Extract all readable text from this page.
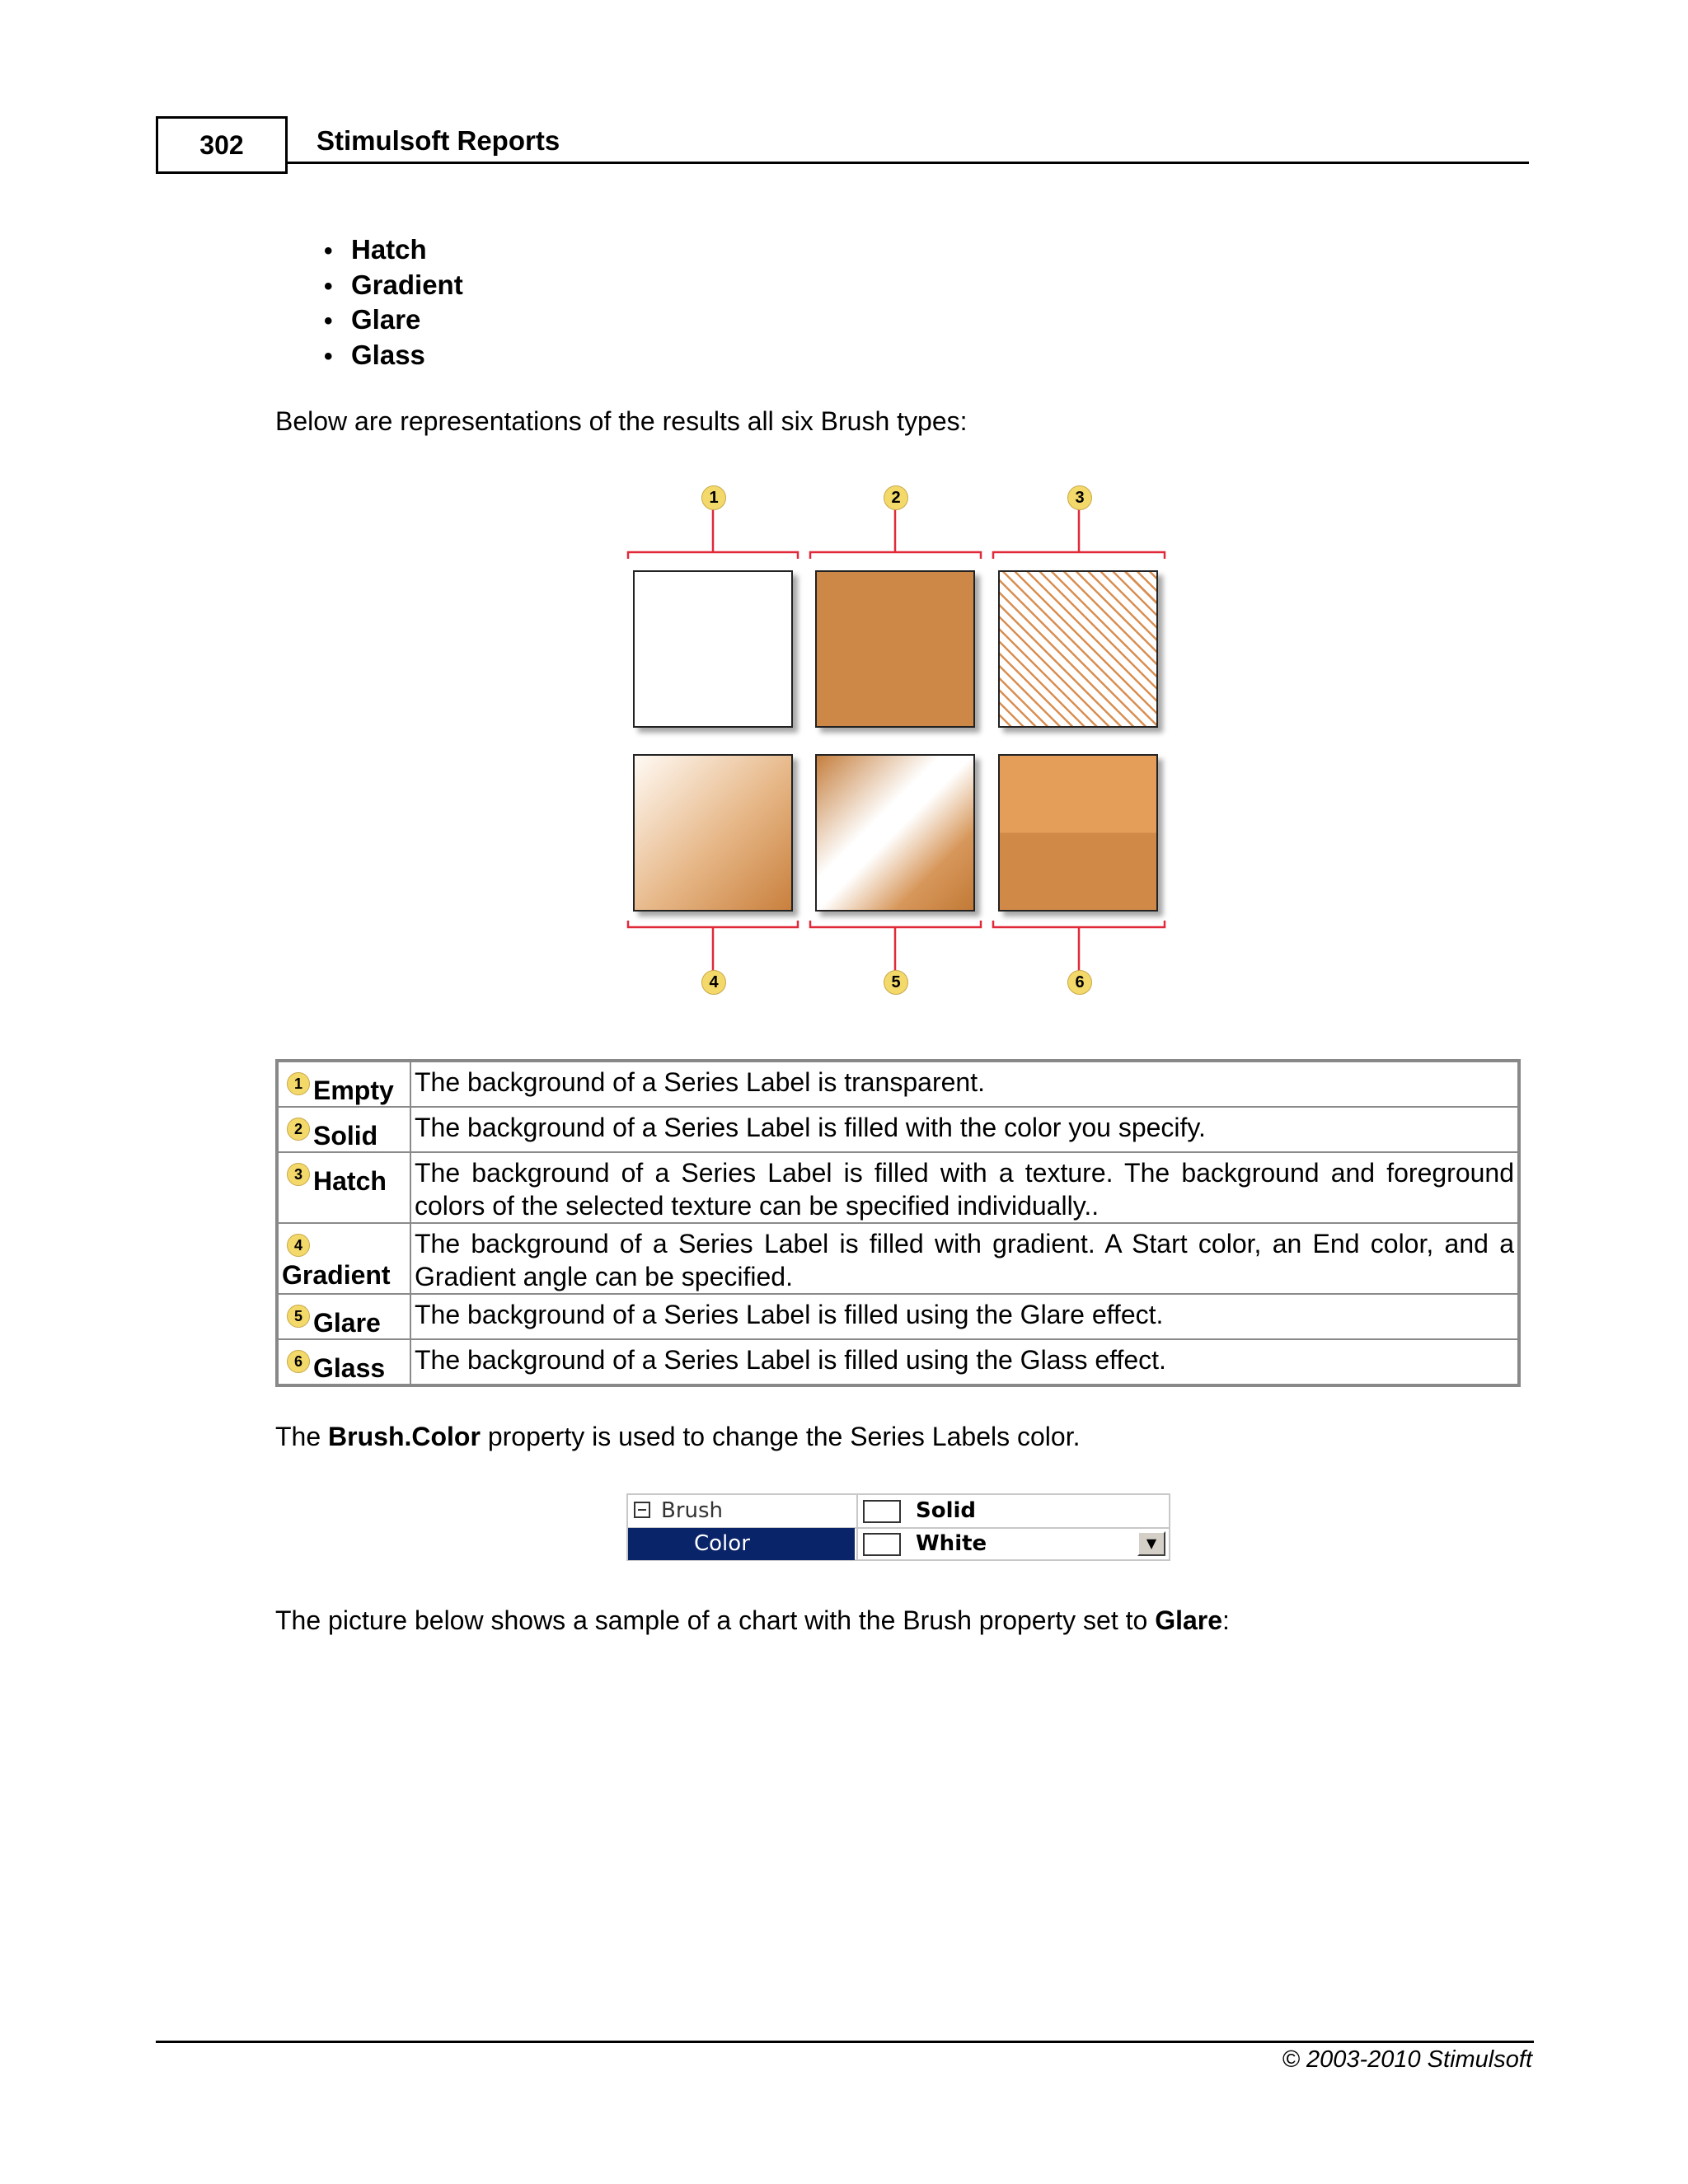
302	Stimulsoft Reports
• Hatch
• Gradient
• Glare
• Glass
Below are representations of the results all six Brush types:
1	2	3
4	5	6
1 Empty	The background of a Series Label is transparent.
2 Solid	The background of a Series Label is filled with the color you specify.
3 Hatch	The background of a Series Label is filled with a texture. The background and foreground colors of the selected texture can be specified individually..

4
Gradient	The background of a Series Label is filled with gradient. A Start color, an End color, and a Gradient angle can be specified.
5 Glare	The background of a Series Label is filled using the Glare effect.
6 Glass	The background of a Series Label is filled using the Glass effect.
The Brush.Color property is used to change the Series Labels color.
Brush	Solid
Color	White	▼
The picture below shows a sample of a chart with the Brush property set to Glare:
© 2003-2010 Stimulsoft
